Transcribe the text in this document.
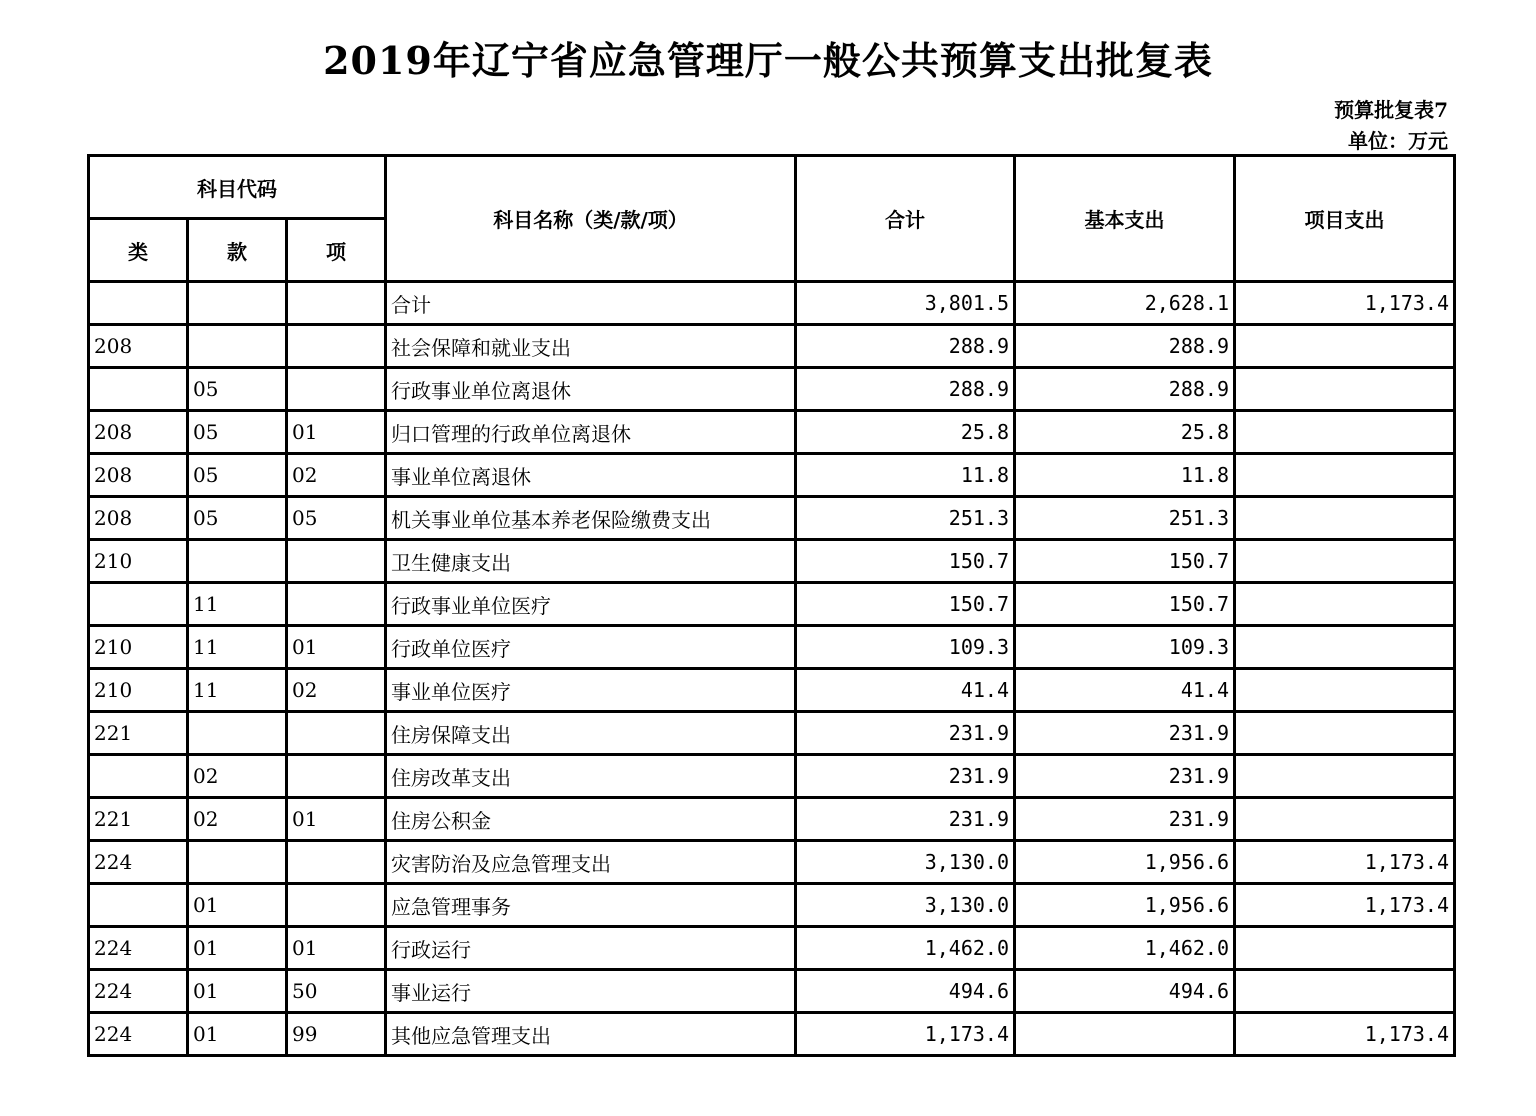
2019年辽宁省应急管理厅一般公共预算支出批复表
预算批复表7
单位：万元
科目代码			科目名称（类/款/项）	合计	基本支出	项目支出
类	款	项				
			合计	3,801.5	2,628.1	1,173.4
208			社会保障和就业支出	288.9	288.9	
	05		行政事业单位离退休	288.9	288.9	
208	05	01	归口管理的行政单位离退休	25.8	25.8	
208	05	02	事业单位离退休	11.8	11.8	
208	05	05	机关事业单位基本养老保险缴费支出	251.3	251.3	
210			卫生健康支出	150.7	150.7	
	11		行政事业单位医疗	150.7	150.7	
210	11	01	行政单位医疗	109.3	109.3	
210	11	02	事业单位医疗	41.4	41.4	
221			住房保障支出	231.9	231.9	
	02		住房改革支出	231.9	231.9	
221	02	01	住房公积金	231.9	231.9	
224			灾害防治及应急管理支出	3,130.0	1,956.6	1,173.4
	01		应急管理事务	3,130.0	1,956.6	1,173.4
224	01	01	行政运行	1,462.0	1,462.0	
224	01	50	事业运行	494.6	494.6	
224	01	99	其他应急管理支出	1,173.4		1,173.4
